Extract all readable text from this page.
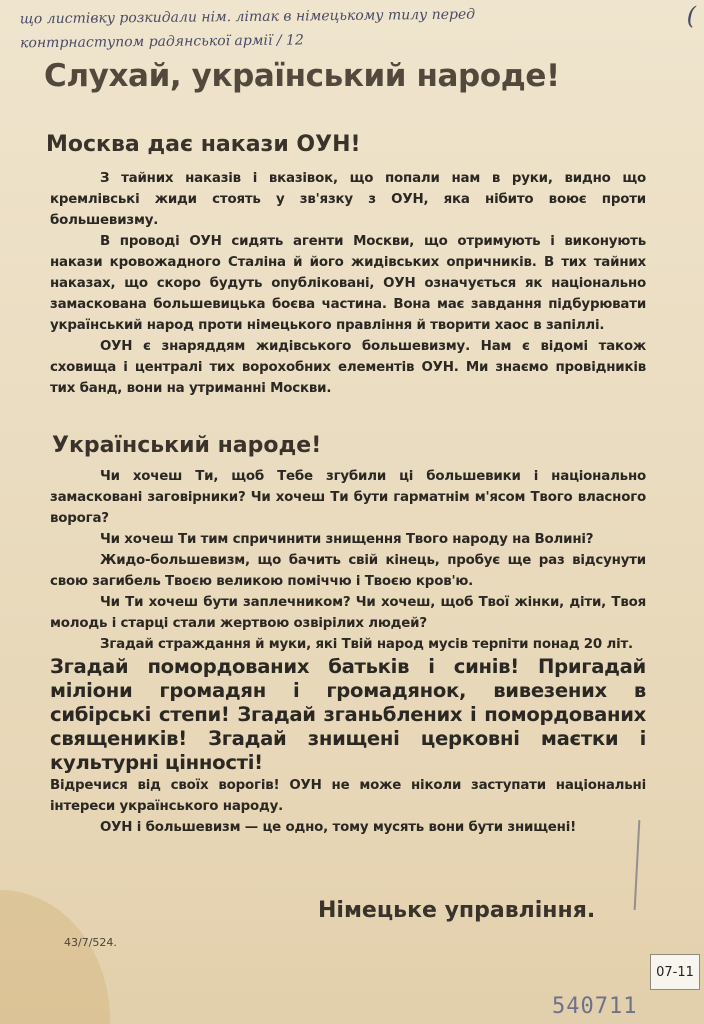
що листівку розкидали нім. літак в німецькому тилу перед
контрнаступом радянської армії / 12
(
Слухай, український народе!
Москва дає накази ОУН!

З тайних наказів і вказівок, що попали нам в руки, видно що кремлівські жиди стоять у зв'язку з ОУН, яка нібито воює проти большевизму.

В проводі ОУН сидять агенти Москви, що отримують і виконують накази кровожадного Сталіна й його жидівських опричників. В тих тайних наказах, що скоро будуть опубліковані, ОУН означується як національно замаскована большевицька боєва частина. Вона має завдання підбурювати український народ проти німецького правління й творити хаос в запіллі.

ОУН є знаряддям жидівського большевизму. Нам є відомі також сховища і централі тих ворохобних елементів ОУН. Ми знаємо провідників тих банд, вони на утриманні Москви.

Український народе!

Чи хочеш Ти, щоб Тебе згубили ці большевики і національно замасковані заговірники? Чи хочеш Ти бути гарматнім м'ясом Твого власного ворога?

Чи хочеш Ти тим спричинити знищення Твого народу на Волині?

Жидо-большевизм, що бачить свій кінець, пробує ще раз відсунути свою загибель Твоєю великою поміччю і Твоєю кров'ю.

Чи Ти хочеш бути заплечником? Чи хочеш, щоб Твої жінки, діти, Твоя молодь і старці стали жертвою озвірілих людей?

Згадай страждання й муки, які Твій народ мусів терпіти понад 20 літ.

Згадай помордованих батьків і синів! Пригадай міліони громадян і громадянок, вивезених в сибірські степи! Згадай зганьблених і помордованих священиків! Згадай знищені церковні маєтки і культурні цінності!

Відречися від своїх ворогів! ОУН не може ніколи заступати національні інтереси українського народу.

ОУН і большевизм — це одно, тому мусять вони бути знищені!

Німецьке управління.
43/7/524.
07-11
540711
